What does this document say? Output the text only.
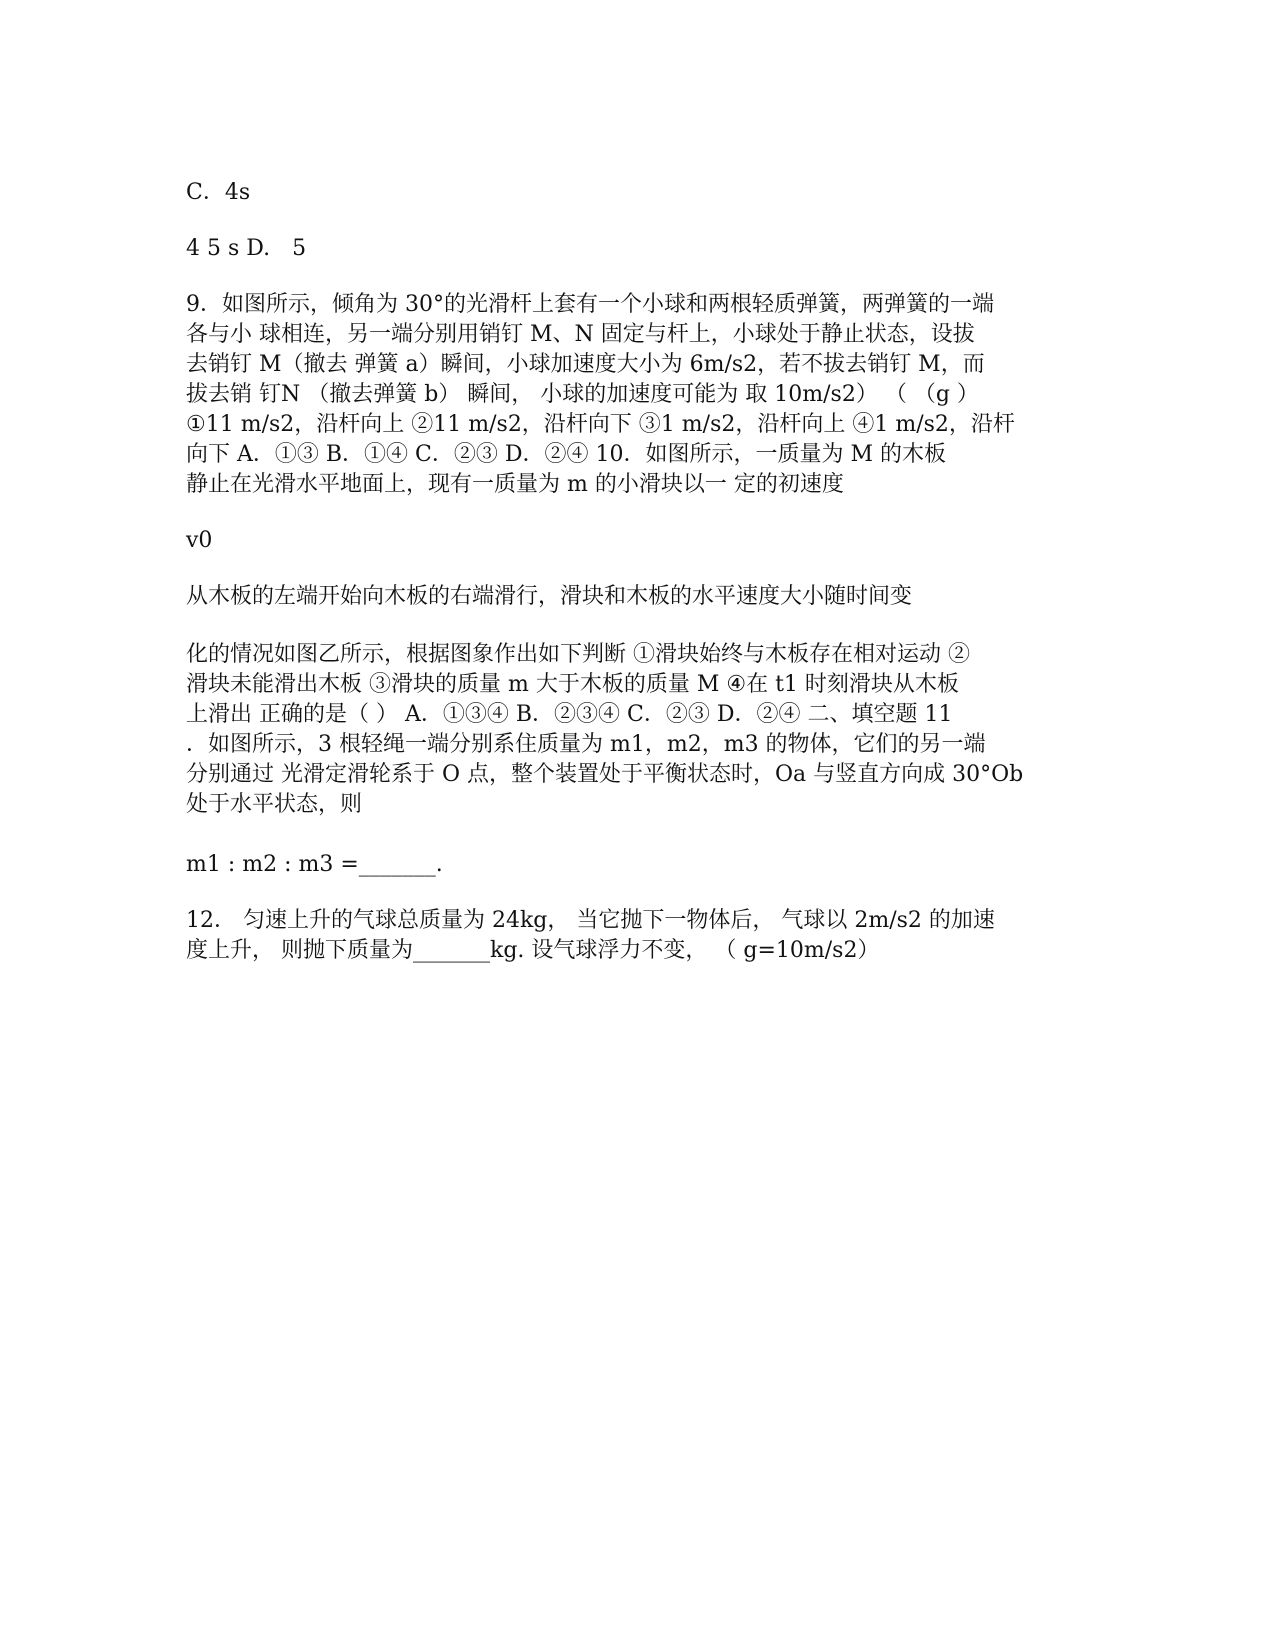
C．4s

4 5 s D.　5

9．如图所示，倾角为 30°的光滑杆上套有一个小球和两根轻质弹簧，两弹簧的一端

各与小 球相连，另一端分别用销钉 M、N 固定与杆上，小球处于静止状态，设拔

去销钉 M（撤去 弹簧 a）瞬间，小球加速度大小为 6m/s2，若不拔去销钉 M，而

拔去销 钉N （撤去弹簧 b） 瞬间， 小球的加速度可能为 取 10m/s2） （ （g ）

①11 m/s2，沿杆向上 ②11 m/s2，沿杆向下 ③1 m/s2，沿杆向上 ④1 m/s2，沿杆

向下 A．①③ B．①④ C．②③ D．②④ 10．如图所示，一质量为 M 的木板

静止在光滑水平地面上，现有一质量为 m 的小滑块以一 定的初速度

v0

从木板的左端开始向木板的右端滑行，滑块和木板的水平速度大小随时间变

化的情况如图乙所示，根据图象作出如下判断 ①滑块始终与木板存在相对运动 ②

滑块未能滑出木板 ③滑块的质量 m 大于木板的质量 M ④在 t1 时刻滑块从木板

上滑出 正确的是（ ） A．①③④ B．②③④ C．②③ D．②④ 二、填空题 11

．如图所示，3 根轻绳一端分别系住质量为 m1，m2，m3 的物体，它们的另一端

分别通过 光滑定滑轮系于 O 点，整个装置处于平衡状态时，Oa 与竖直方向成 30°Ob

处于水平状态，则

m1 : m2 : m3 =_______.

12． 匀速上升的气球总质量为 24kg， 当它抛下一物体后， 气球以 2m/s2 的加速

度上升， 则抛下质量为_______kg. 设气球浮力不变， （ g=10m/s2）
